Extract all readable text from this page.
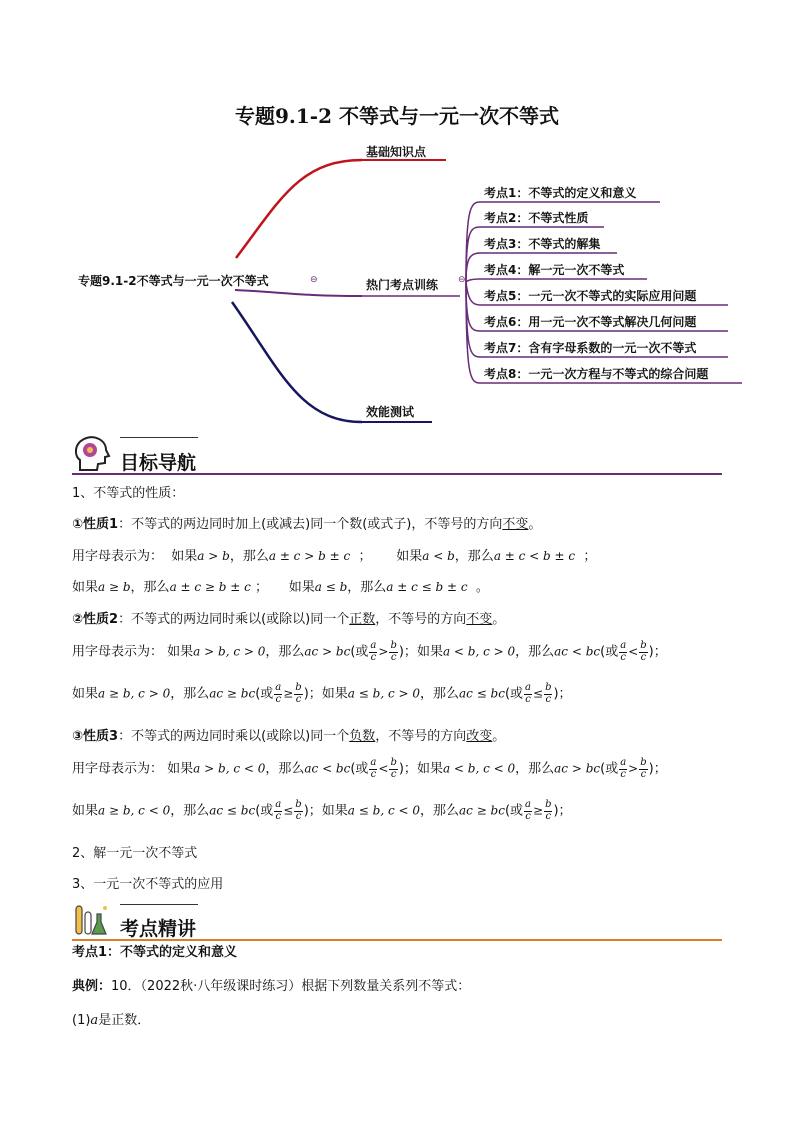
专题9.1-2 不等式与一元一次不等式
专题9.1-2不等式与一元一次不等式	⊖	⊖
基础知识点
热门考点训练
效能测试
考点1：不等式的定义和意义
考点2：不等式性质
考点3：不等式的解集
考点4：解一元一次不等式
考点5：一元一次不等式的实际应用问题
考点6：用一元一次不等式解决几何问题
考点7：含有字母系数的一元一次不等式
考点8：一元一次方程与不等式的综合问题
目标导航
1、不等式的性质：
①性质1：不等式的两边同时加上(或减去)同一个数(或式子)，不等号的方向不变。
用字母表示为： 如果a > b，那么a ± c > b ± c ； 如果a < b，那么a ± c < b ± c ；
如果a ≥ b，那么a ± c ≥ b ± c ； 如果a ≤ b，那么a ± c ≤ b ± c 。
②性质2：不等式的两边同时乘以(或除以)同一个正数，不等号的方向不变。
用字母表示为： 如果a > b, c > 0，那么ac > bc(或 $\frac{a}{c} > \frac{b}{c}$ )；如果a < b, c > 0，那么ac < bc(或 $\frac{a}{c} < \frac{b}{c}$ )；
如果a ≥ b, c > 0，那么ac ≥ bc(或 $\frac{a}{c} \ge \frac{b}{c}$ )；如果a ≤ b, c > 0，那么ac ≤ bc(或 $\frac{a}{c} \le \frac{b}{c}$ )；
③性质3：不等式的两边同时乘以(或除以)同一个负数，不等号的方向改变。
用字母表示为： 如果a > b, c < 0，那么ac < bc(或 $\frac{a}{c} < \frac{b}{c}$ )；如果a < b, c < 0，那么ac > bc(或 $\frac{a}{c} > \frac{b}{c}$ )；
如果a ≥ b, c < 0，那么ac ≤ bc(或 $\frac{a}{c} \le \frac{b}{c}$ )；如果a ≤ b, c < 0，那么ac ≥ bc(或 $\frac{a}{c} \ge \frac{b}{c}$ )；
2、解一元一次不等式
3、一元一次不等式的应用
考点精讲
考点1：不等式的定义和意义
典例：10．（2022秋·八年级课时练习）根据下列数量关系列不等式：
(1)a是正数．
